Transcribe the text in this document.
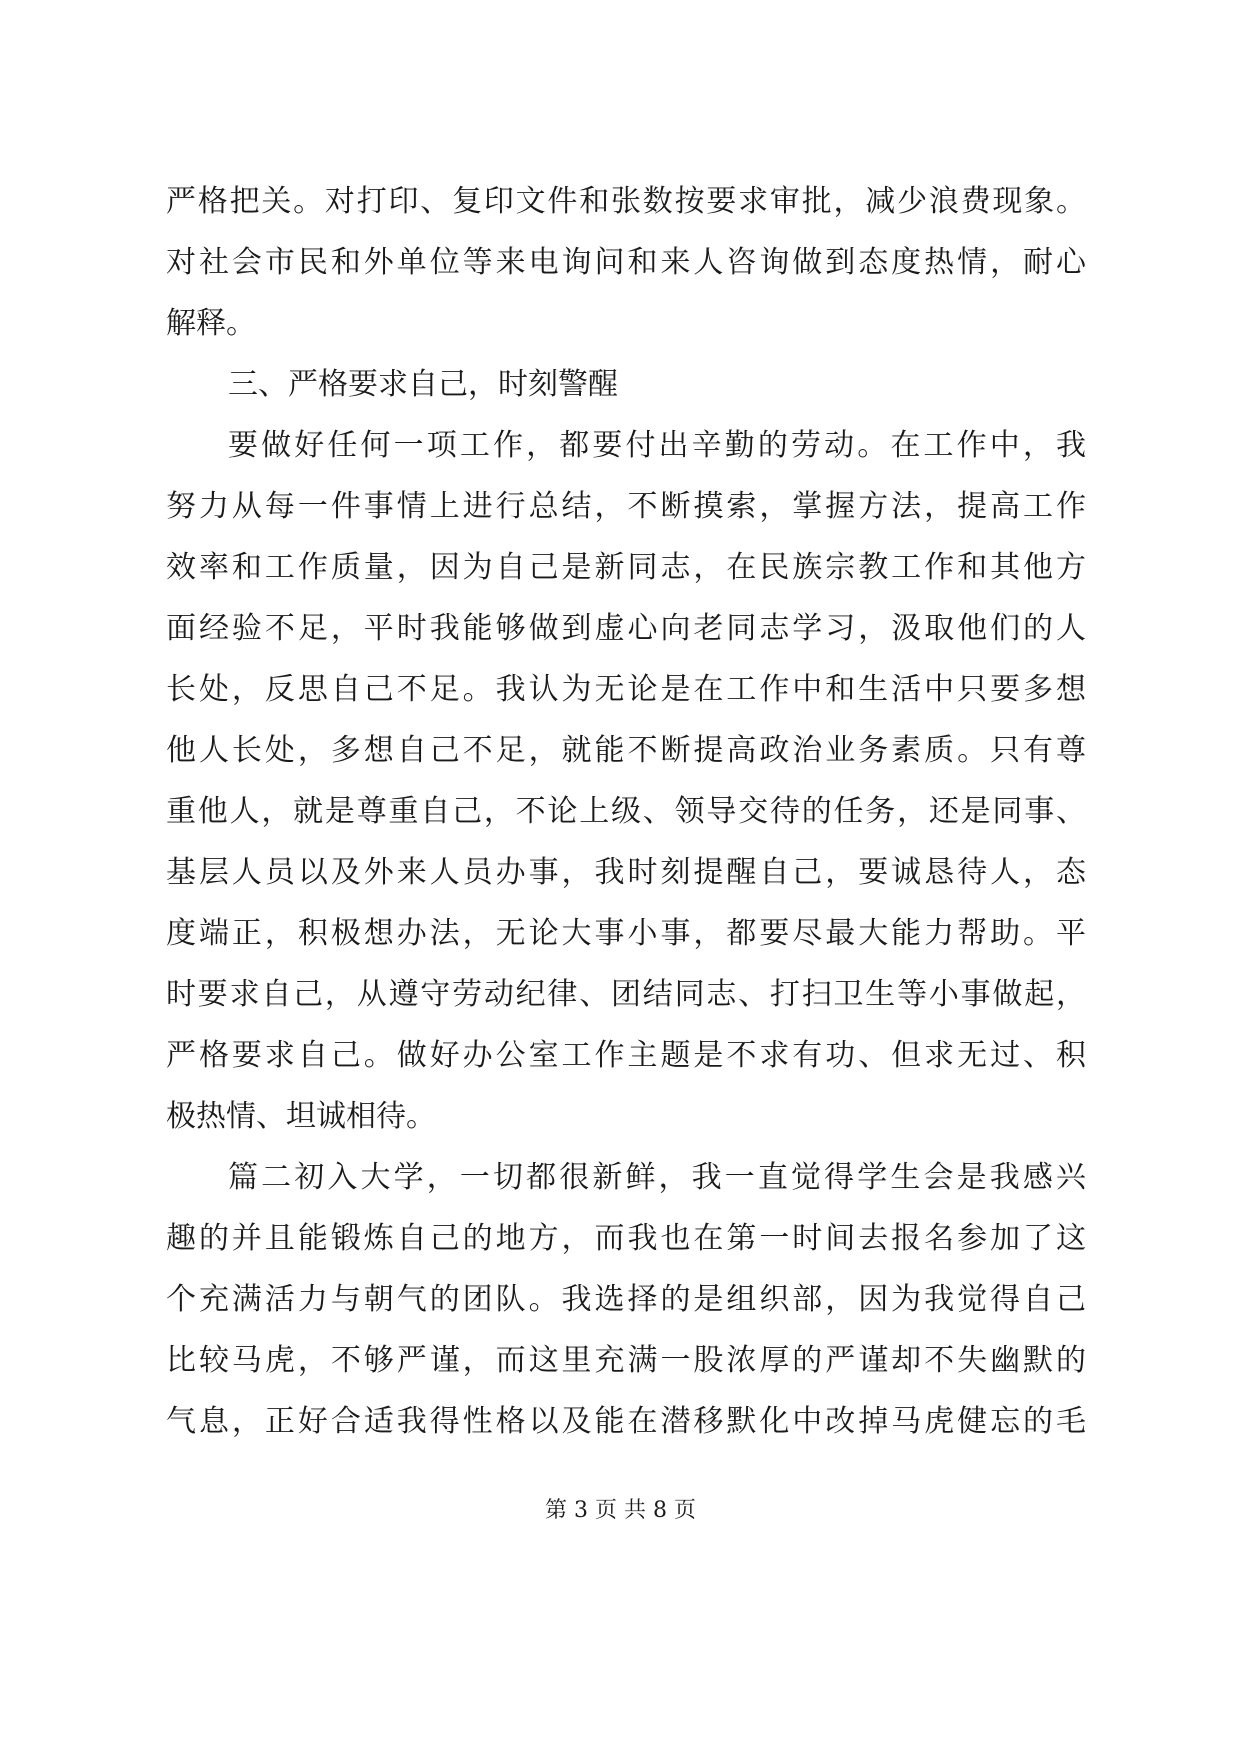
严格把关。对打印、复印文件和张数按要求审批，减少浪费现象。
对社会市民和外单位等来电询问和来人咨询做到态度热情，耐心
解释。
三、严格要求自己，时刻警醒
要做好任何一项工作，都要付出辛勤的劳动。在工作中，我
努力从每一件事情上进行总结，不断摸索，掌握方法，提高工作
效率和工作质量，因为自己是新同志，在民族宗教工作和其他方
面经验不足，平时我能够做到虚心向老同志学习，汲取他们的人
长处，反思自己不足。我认为无论是在工作中和生活中只要多想
他人长处，多想自己不足，就能不断提高政治业务素质。只有尊
重他人，就是尊重自己，不论上级、领导交待的任务，还是同事、
基层人员以及外来人员办事，我时刻提醒自己，要诚恳待人，态
度端正，积极想办法，无论大事小事，都要尽最大能力帮助。平
时要求自己，从遵守劳动纪律、团结同志、打扫卫生等小事做起，
严格要求自己。做好办公室工作主题是不求有功、但求无过、积
极热情、坦诚相待。
篇二初入大学，一切都很新鲜，我一直觉得学生会是我感兴
趣的并且能锻炼自己的地方，而我也在第一时间去报名参加了这
个充满活力与朝气的团队。我选择的是组织部，因为我觉得自己
比较马虎，不够严谨，而这里充满一股浓厚的严谨却不失幽默的
气息，正好合适我得性格以及能在潜移默化中改掉马虎健忘的毛
第 3 页 共 8 页
